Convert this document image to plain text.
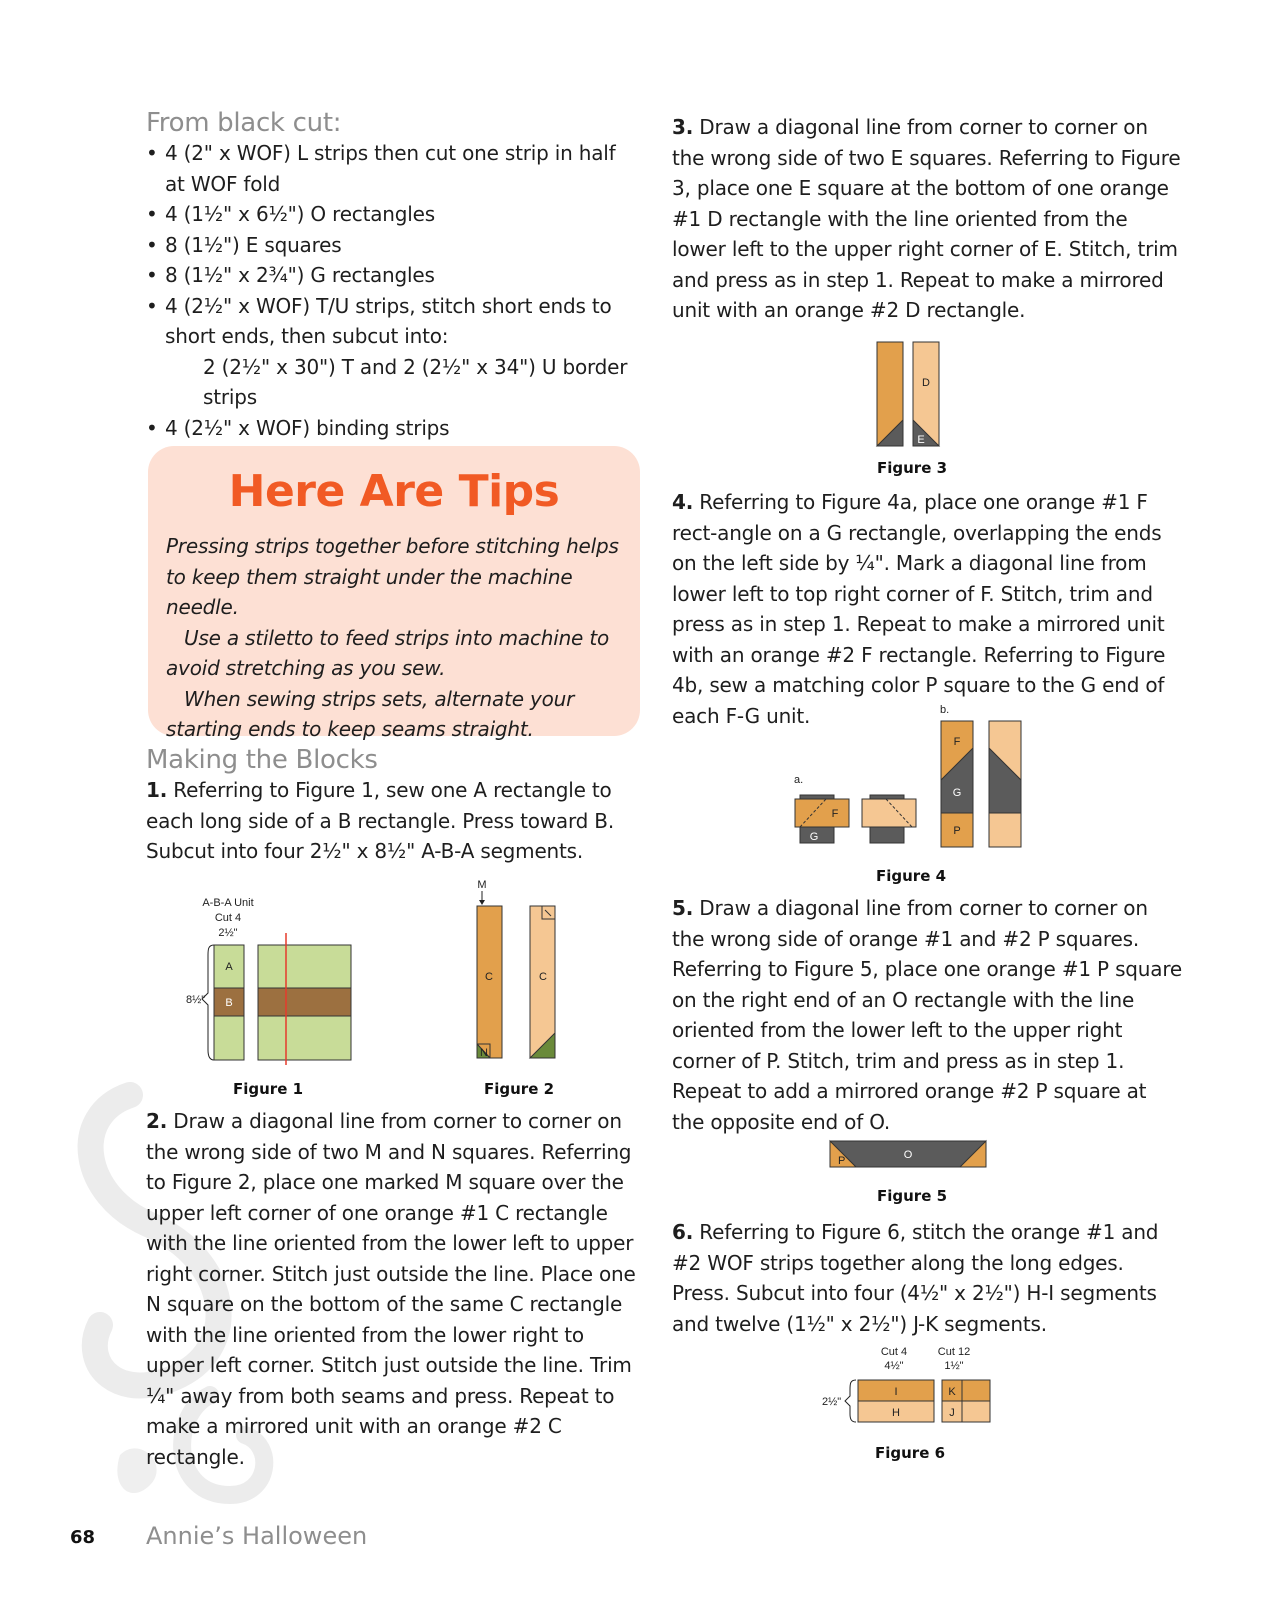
From black cut:
• 4 (2" x WOF) L strips then cut one strip in half at WOF fold
• 4 (1½" x 6½") O rectangles
• 8 (1½") E squares
• 8 (1½" x 2¾") G rectangles
• 4 (2½" x WOF) T/U strips, stitch short ends to short ends, then subcut into:
2 (2½" x 30") T and 2 (2½" x 34") U border strips
• 4 (2½" x WOF) binding strips
Here Are Tips

Pressing strips together before stitching helps to keep them straight under the machine needle.

Use a stiletto to feed strips into machine to avoid stretching as you sew.

When sewing strips sets, alternate your starting ends to keep seams straight.

Making the Blocks

1. Referring to Figure 1, sew one A rectangle to each long side of a B rectangle. Press toward B. Subcut into four 2½" x 8½" A-B-A segments.

A-B-A Unit
Cut 4
2½"
8½"
A
B
Figure 1
M
N
C	C
Figure 2

2. Draw a diagonal line from corner to corner on the wrong side of two M and N squares. Referring to Figure 2, place one marked M square over the upper left corner of one orange #1 C rectangle with the line oriented from the lower left to upper right corner. Stitch just outside the line. Place one N square on the bottom of the same C rectangle with the line oriented from the lower right to upper left corner. Stitch just outside the line. Trim ¼" away from both seams and press. Repeat to make a mirrored unit with an orange #2 C rectangle.

3. Draw a diagonal line from corner to corner on the wrong side of two E squares. Referring to Figure 3, place one E square at the bottom of one orange #1 D rectangle with the line oriented from the lower left to the upper right corner of E. Stitch, trim and press as in step 1. Repeat to make a mirrored unit with an orange #2 D rectangle.

D
E
Figure 3

4. Referring to Figure 4a, place one orange #1 F rect-angle on a G rectangle, overlapping the ends on the left side by ¼". Mark a diagonal line from lower left to top right corner of F. Stitch, trim and press as in step 1. Repeat to make a mirrored unit with an orange #2 F rectangle. Referring to Figure 4b, sew a matching color P square to the G end of each F-G unit.

a.
b.
F
G
F
G
P
Figure 4

5. Draw a diagonal line from corner to corner on the wrong side of orange #1 and #2 P squares. Referring to Figure 5, place one orange #1 P square on the right end of an O rectangle with the line oriented from the lower left to the upper right corner of P. Stitch, trim and press as in step 1. Repeat to add a mirrored orange #2 P square at the opposite end of O.

P	O
Figure 5

6. Referring to Figure 6, stitch the orange #1 and #2 WOF strips together along the long edges. Press. Subcut into four (4½" x 2½") H-I segments and twelve (1½" x 2½") J-K segments.

Cut 4
4½"
Cut 12
1½"
2½"
I
H
K
J
Figure 6
68 Annie’s Halloween
